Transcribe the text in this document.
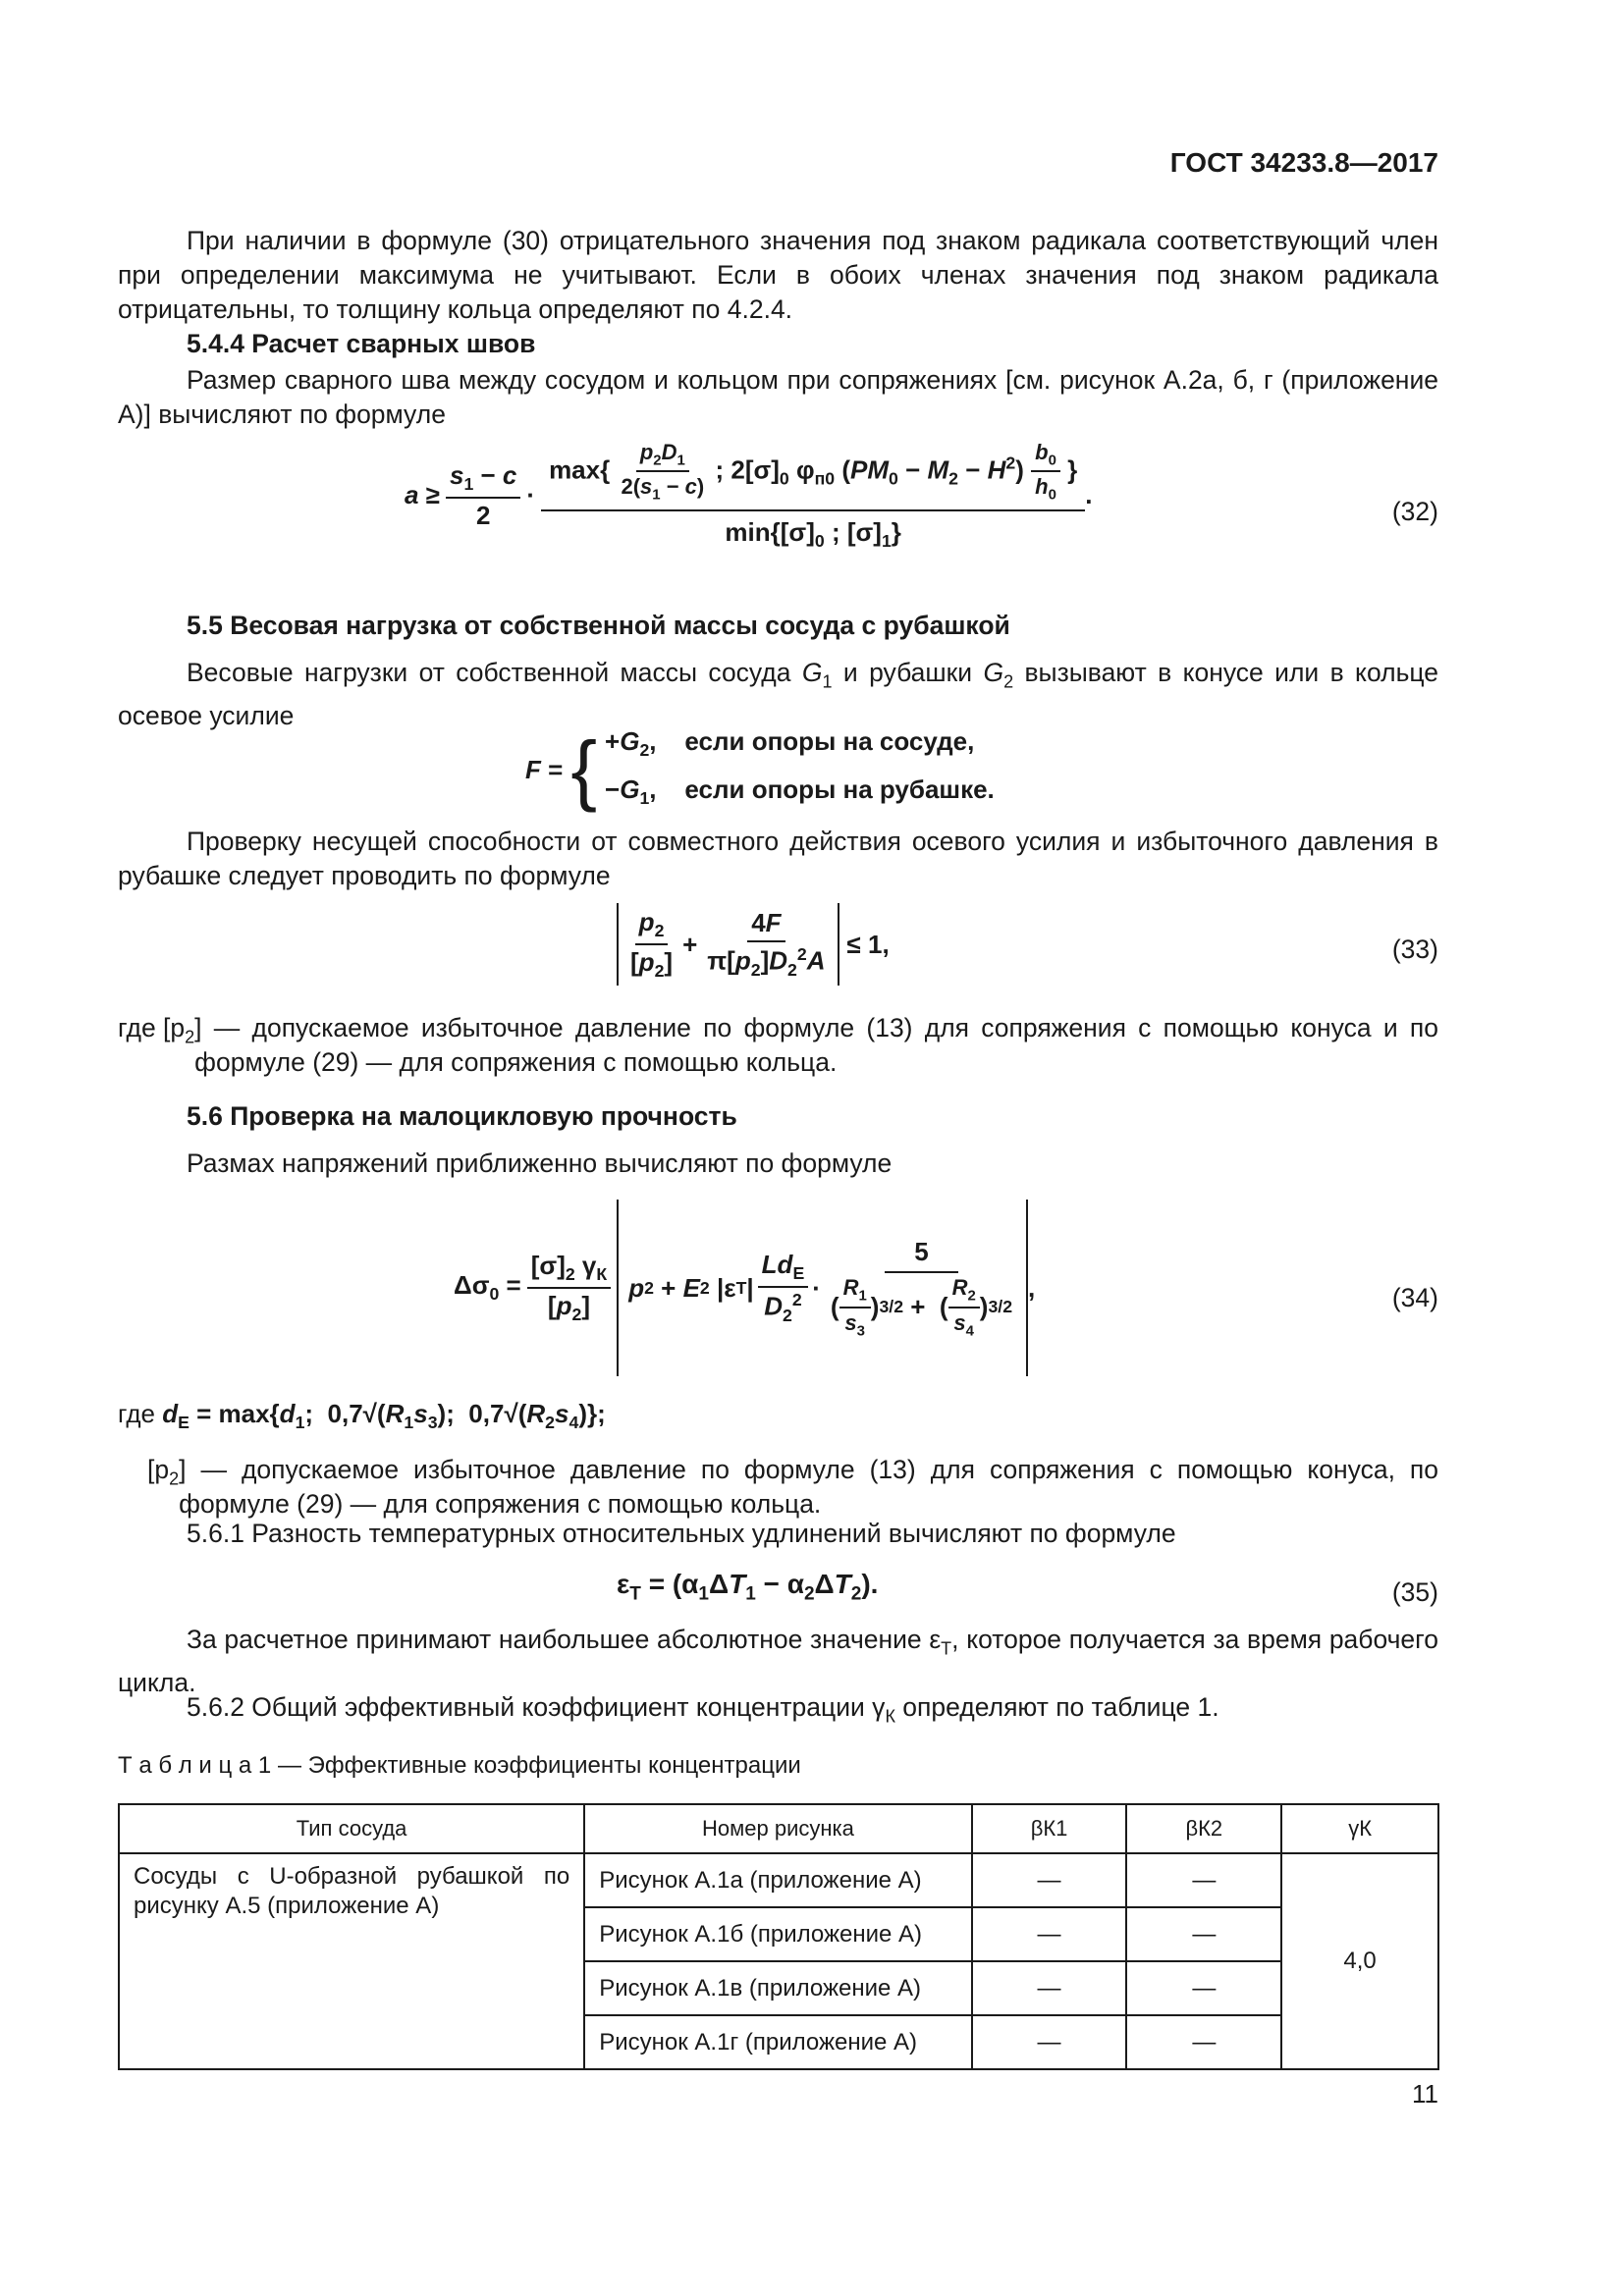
ГОСТ 34233.8—2017
При наличии в формуле (30) отрицательного значения под знаком радикала соответствующий член при определении максимума не учитывают. Если в обоих членах значения под знаком радикала отрицательны, то толщину кольца определяют по 4.2.4.
5.4.4 Расчет сварных швов
Размер сварного шва между сосудом и кольцом при сопряжениях [см. рисунок А.2а, б, г (приложение А)] вычисляют по формуле
$a \ge \frac{s_1 - c}{2}$ ·
$\max\{ \frac{p_2D_1}{2(s_1 - c)}$ ; $2[\sigma]_0$ $\varphi_{п0}$ $(PM_0 - M_2 - H^2) \frac{b_0}{h_0}$ }
$\min\{[\sigma]_0$ ; $[\sigma]_1$}
.
(32)
5.5 Весовая нагрузка от собственной массы сосуда с рубашкой
Весовые нагрузки от собственной массы сосуда $G_1$ и рубашки $G_2$ вызывают в конусе или в кольце осевое усилие
F = { $+G_2$,    если опоры на сосуде,
$-G_1$,    если опоры на рубашке.
Проверку несущей способности от совместного действия осевого усилия и избыточного давления в рубашке следует проводить по формуле
$\frac{p_2}{[p_2]} + \frac{4F}{\pi[p_2]D_2^2A} \le 1$,	(33)
где [$p_2$ ] — допускаемое избыточное давление по формуле (13) для сопряжения с помощью конуса и по формуле (29) — для сопряжения с помощью кольца.
5.6 Проверка на малоцикловую прочность
Размах напряжений приближенно вычисляют по формуле
$\Delta\sigma_0 = \frac{[\sigma]_2 \gamma_К}{[p_2]}$ p 2 + E 2 |ε Т | $\frac{Ld_Е}{D_2^2} \cdot \frac{5}{( \frac{R_1}{s_3} ) 3/2 + ( \frac{R_2}{s_4} ) 3/2}$ ,	(34)
где $d_Е = \max\{d_1$;  $0,7√(R_1s_3)$;  $0,7√(R_2s_4)$};
[$p_2$ ] — допускаемое избыточное давление по формуле (13) для сопряжения с помощью конуса, по формуле (29) — для сопряжения с помощью кольца.
5.6.1 Разность температурных относительных удлинений вычисляют по формуле
$\varepsilon_Т = (\alpha_1\Delta T_1 - \alpha_2\Delta T_2)$.	(35)
За расчетное принимают наибольшее абсолютное значение $\varepsilon_Т$, которое получается за время рабочего цикла.
5.6.2 Общий эффективный коэффициент концентрации $\gamma_К$ определяют по таблице 1.
Т а б л и ц а 1 — Эффективные коэффициенты концентрации
Тип сосуда	Номер рисунка	βК1	βК2	γК
Сосуды с U-образной рубашкой по рисунку А.5 (приложение А)	Рисунок А.1а (приложение А)	—	—	4,0
	Рисунок А.1б (приложение А)	—	—	
	Рисунок А.1в (приложение А)	—	—	
	Рисунок А.1г (приложение А)	—	—	
11
